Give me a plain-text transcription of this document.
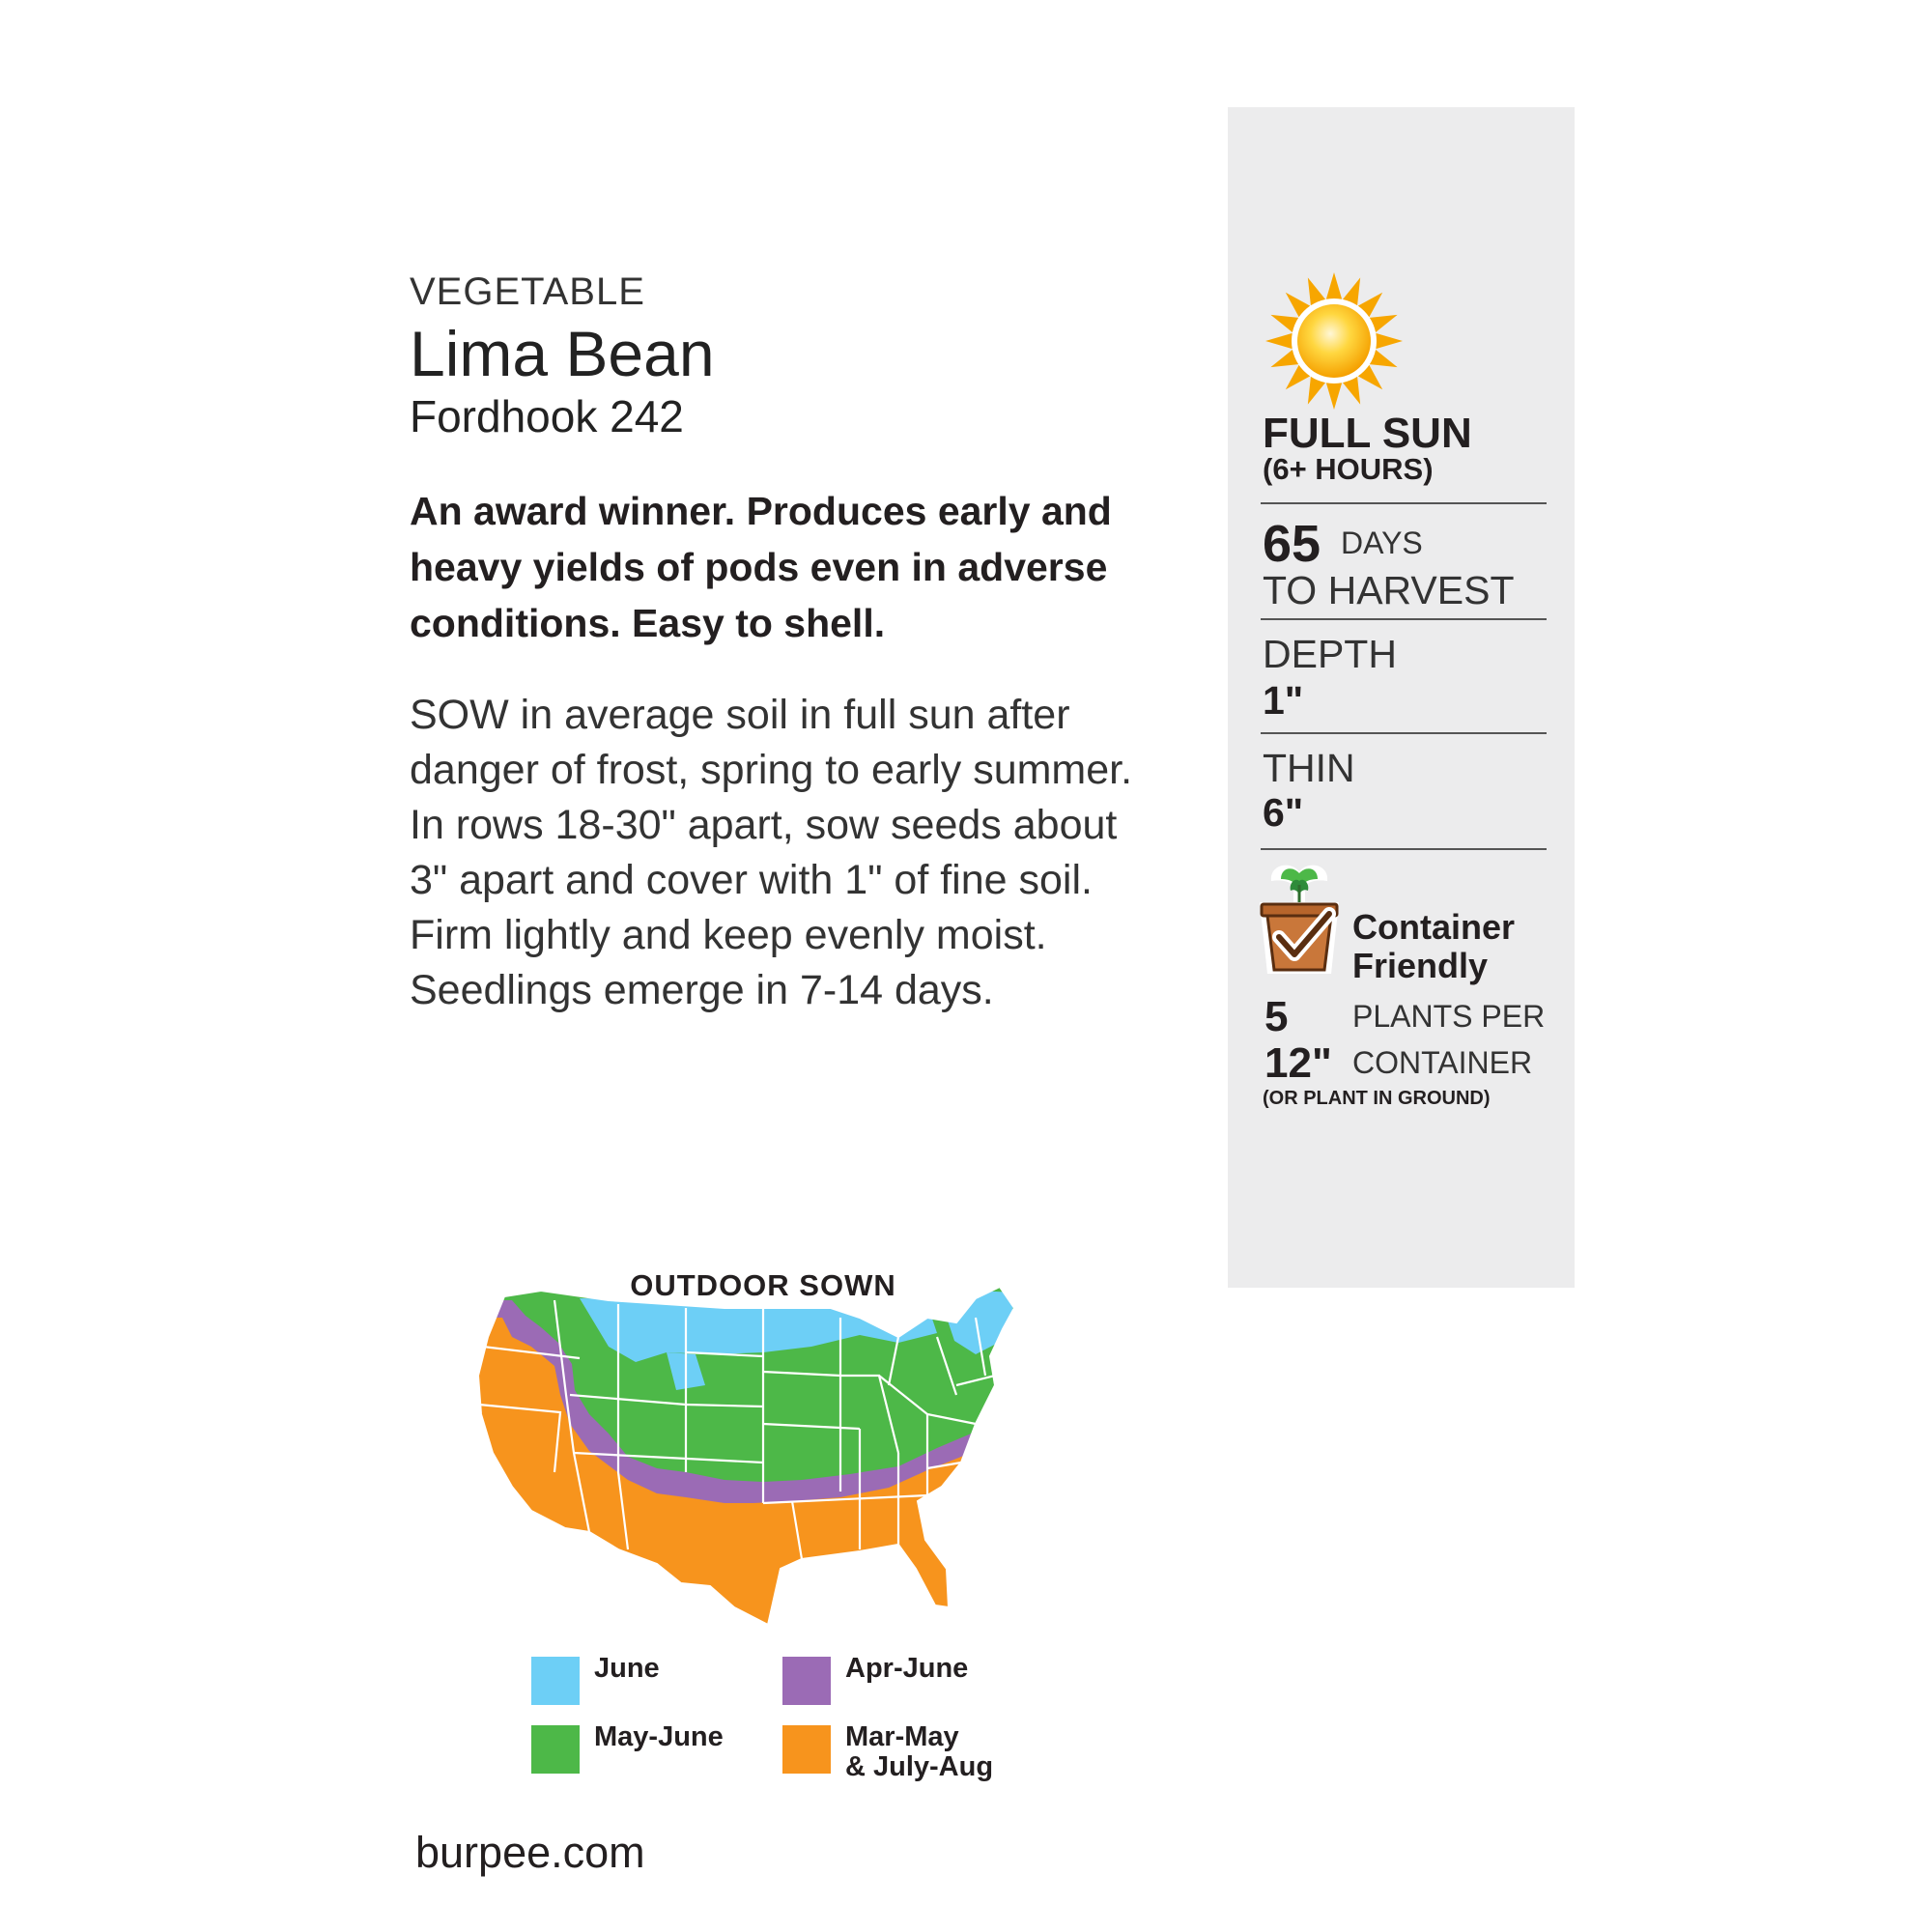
VEGETABLE
Lima Bean
Fordhook 242
An award winner. Produces early and heavy yields of pods even in adverse conditions. Easy to shell.
SOW in average soil in full sun after danger of frost, spring to early summer. In rows 18-30" apart, sow seeds about 3" apart and cover with 1" of fine soil. Firm lightly and keep evenly moist. Seedlings emerge in 7-14 days.
FULL SUN
(6+ HOURS)
65 DAYS
TO HARVEST
DEPTH
1"
THIN
6"
Container
Friendly
5 PLANTS PER
12" CONTAINER
(OR PLANT IN GROUND)
OUTDOOR SOWN
June	Apr-June
May-June	Mar-May
& July-Aug
burpee.com
